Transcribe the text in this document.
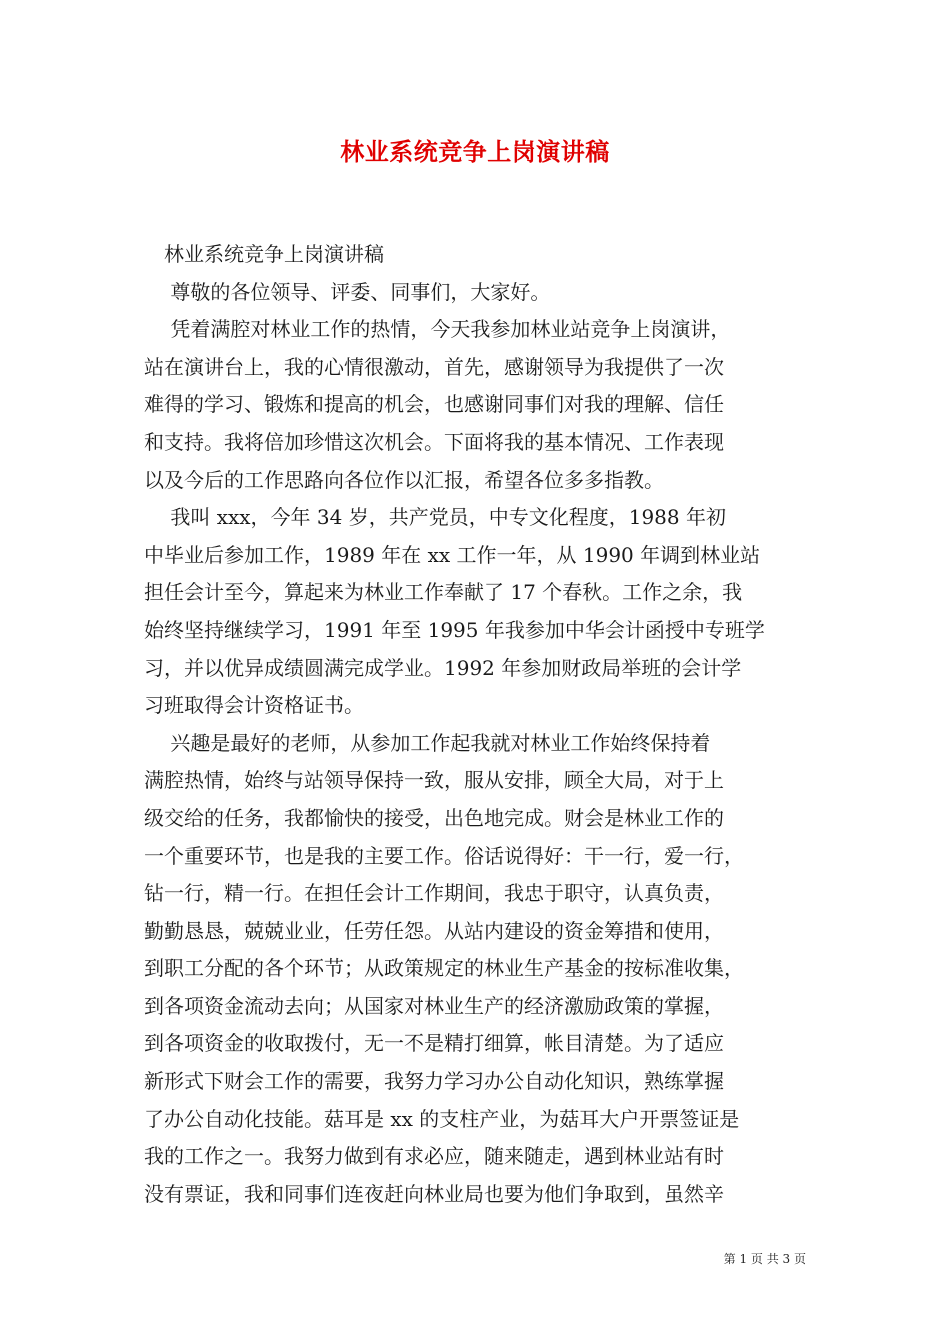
林业系统竞争上岗演讲稿
　林业系统竞争上岗演讲稿
　 尊敬的各位领导、评委、同事们，大家好。
　 凭着满腔对林业工作的热情，今天我参加林业站竞争上岗演讲，
站在演讲台上，我的心情很激动，首先，感谢领导为我提供了一次
难得的学习、锻炼和提高的机会，也感谢同事们对我的理解、信任
和支持。我将倍加珍惜这次机会。下面将我的基本情况、工作表现
以及今后的工作思路向各位作以汇报，希望各位多多指教。
　 我叫 xxx，今年 34 岁，共产党员，中专文化程度，1988 年初
中毕业后参加工作，1989 年在 xx 工作一年，从 1990 年调到林业站
担任会计至今，算起来为林业工作奉献了 17 个春秋。工作之余，我
始终坚持继续学习，1991 年至 1995 年我参加中华会计函授中专班学
习，并以优异成绩圆满完成学业。1992 年参加财政局举班的会计学
习班取得会计资格证书。
　 兴趣是最好的老师，从参加工作起我就对林业工作始终保持着
满腔热情，始终与站领导保持一致，服从安排，顾全大局，对于上
级交给的任务，我都愉快的接受，出色地完成。财会是林业工作的
一个重要环节，也是我的主要工作。俗话说得好：干一行，爱一行，
钻一行，精一行。在担任会计工作期间，我忠于职守，认真负责，
勤勤恳恳，兢兢业业，任劳任怨。从站内建设的资金筹措和使用，
到职工分配的各个环节；从政策规定的林业生产基金的按标准收集，
到各项资金流动去向；从国家对林业生产的经济激励政策的掌握，
到各项资金的收取拨付，无一不是精打细算，帐目清楚。为了适应
新形式下财会工作的需要，我努力学习办公自动化知识，熟练掌握
了办公自动化技能。菇耳是 xx 的支柱产业，为菇耳大户开票签证是
我的工作之一。我努力做到有求必应，随来随走，遇到林业站有时
没有票证，我和同事们连夜赶向林业局也要为他们争取到，虽然辛
第 1 页 共 3 页
